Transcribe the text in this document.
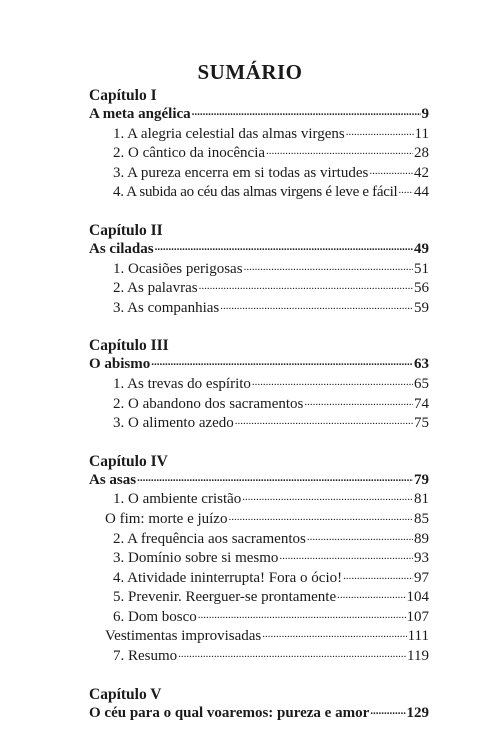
SUMÁRIO
Capítulo I
A meta angélica .....	9
1. A alegria celestial das almas virgens .....	11
2. O cântico da inocência .....	28
3. A pureza encerra em si todas as virtudes .....	42
4. A subida ao céu das almas virgens é leve e fácil ..... 44
Capítulo II
As ciladas .....	49
1. Ocasiões perigosas .....	51
2. As palavras .....	56
3. As companhias .....	59
Capítulo III
O abismo .....	63
1. As trevas do espírito .....	65
2. O abandono dos sacramentos .....	74
3. O alimento azedo .....	75
Capítulo IV
As asas .....	79
1. O ambiente cristão .....	81
O fim: morte e juízo .....	85
2. A frequência aos sacramentos .....	89
3. Domínio sobre si mesmo .....	93
4. Atividade ininterrupta! Fora o ócio! .....	97
5. Prevenir. Reerguer-se prontamente .....	104
6. Dom bosco .....	107
Vestimentas improvisadas .....	111
7. Resumo .....	119
Capítulo V
O céu para o qual voaremos: pureza e amor ..... 129
